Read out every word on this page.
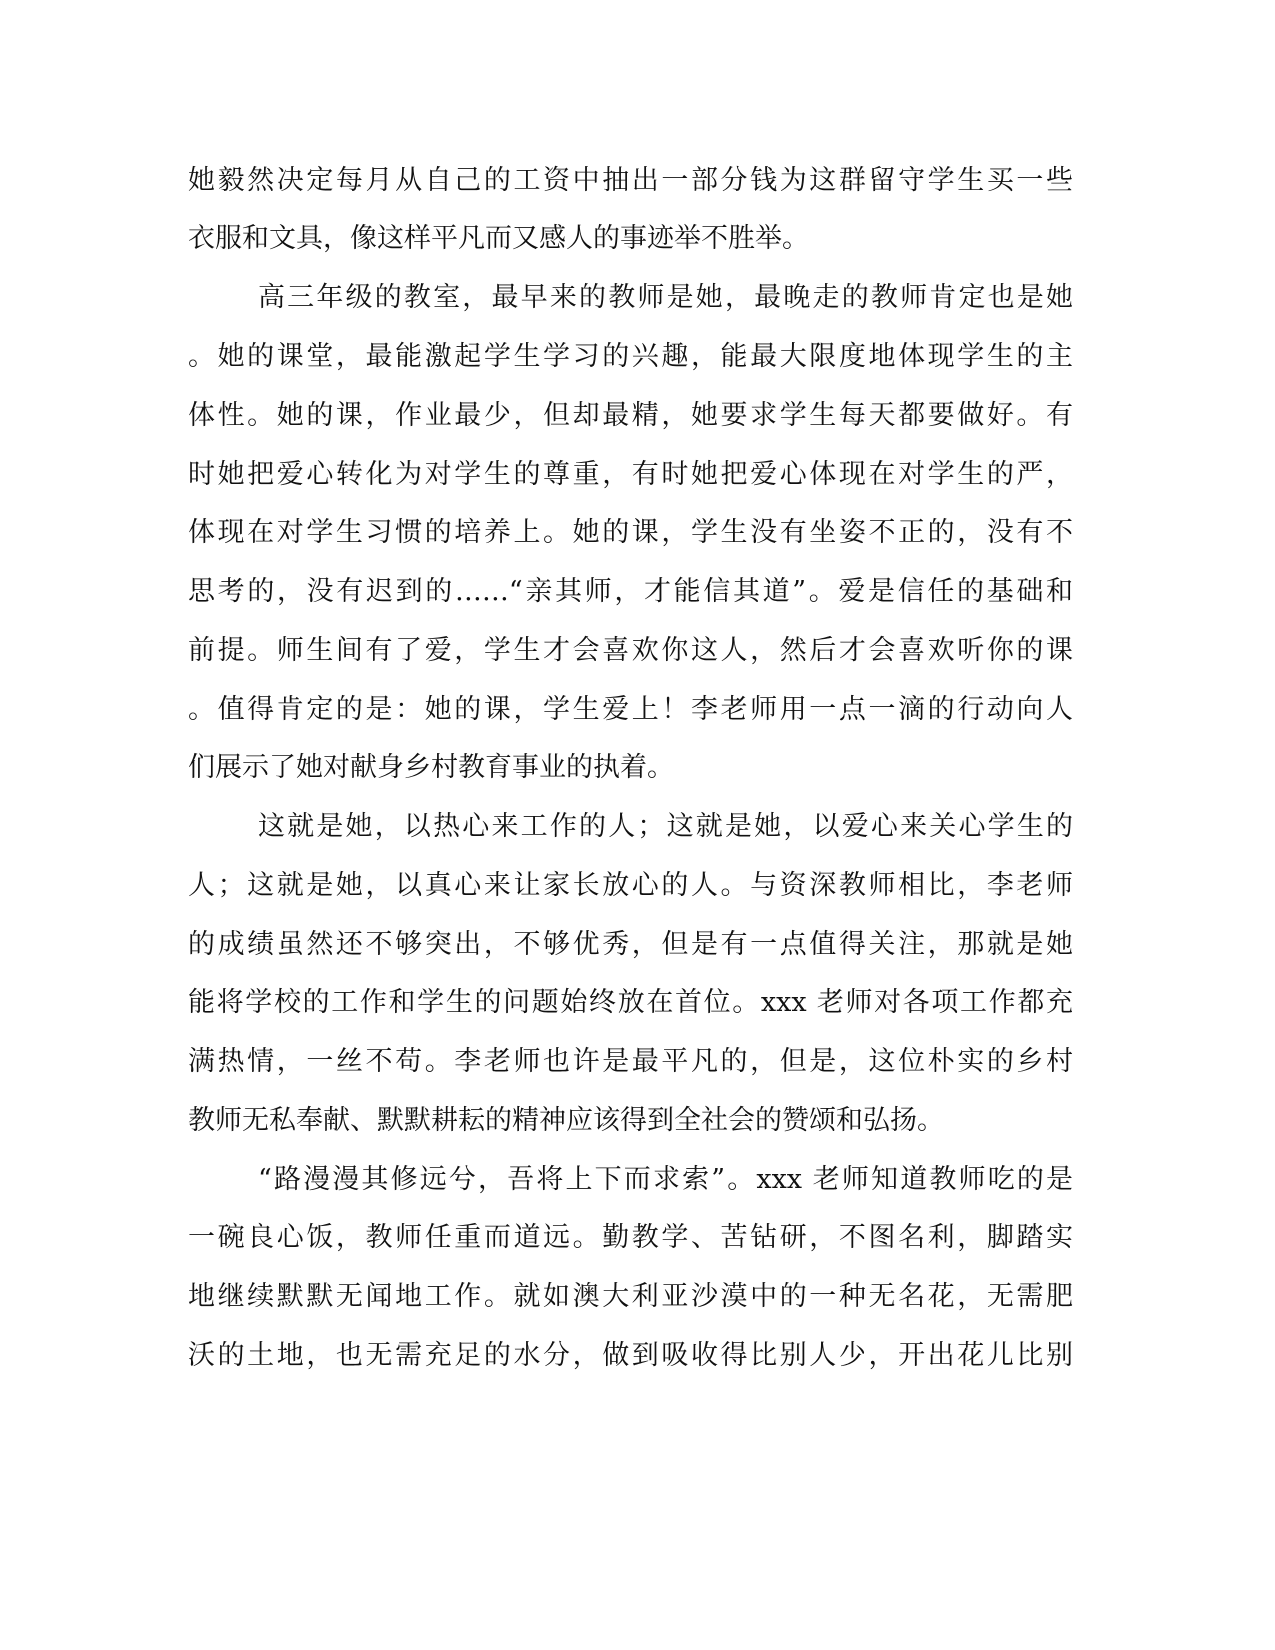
她毅然决定每月从自己的工资中抽出一部分钱为这群留守学生买一些
衣服和文具，像这样平凡而又感人的事迹举不胜举。
高三年级的教室，最早来的教师是她，最晚走的教师肯定也是她
。她的课堂，最能激起学生学习的兴趣，能最大限度地体现学生的主
体性。她的课，作业最少，但却最精，她要求学生每天都要做好。有
时她把爱心转化为对学生的尊重，有时她把爱心体现在对学生的严，
体现在对学生习惯的培养上。她的课，学生没有坐姿不正的，没有不
思考的，没有迟到的……“亲其师，才能信其道”。爱是信任的基础和
前提。师生间有了爱，学生才会喜欢你这人，然后才会喜欢听你的课
。值得肯定的是：她的课，学生爱上！李老师用一点一滴的行动向人
们展示了她对献身乡村教育事业的执着。
这就是她，以热心来工作的人；这就是她，以爱心来关心学生的
人；这就是她，以真心来让家长放心的人。与资深教师相比，李老师
的成绩虽然还不够突出，不够优秀，但是有一点值得关注，那就是她
能将学校的工作和学生的问题始终放在首位。xxx 老师对各项工作都充
满热情，一丝不苟。李老师也许是最平凡的，但是，这位朴实的乡村
教师无私奉献、默默耕耘的精神应该得到全社会的赞颂和弘扬。
“路漫漫其修远兮，吾将上下而求索”。xxx 老师知道教师吃的是
一碗良心饭，教师任重而道远。勤教学、苦钻研，不图名利，脚踏实
地继续默默无闻地工作。就如澳大利亚沙漠中的一种无名花，无需肥
沃的土地，也无需充足的水分，做到吸收得比别人少，开出花儿比别
